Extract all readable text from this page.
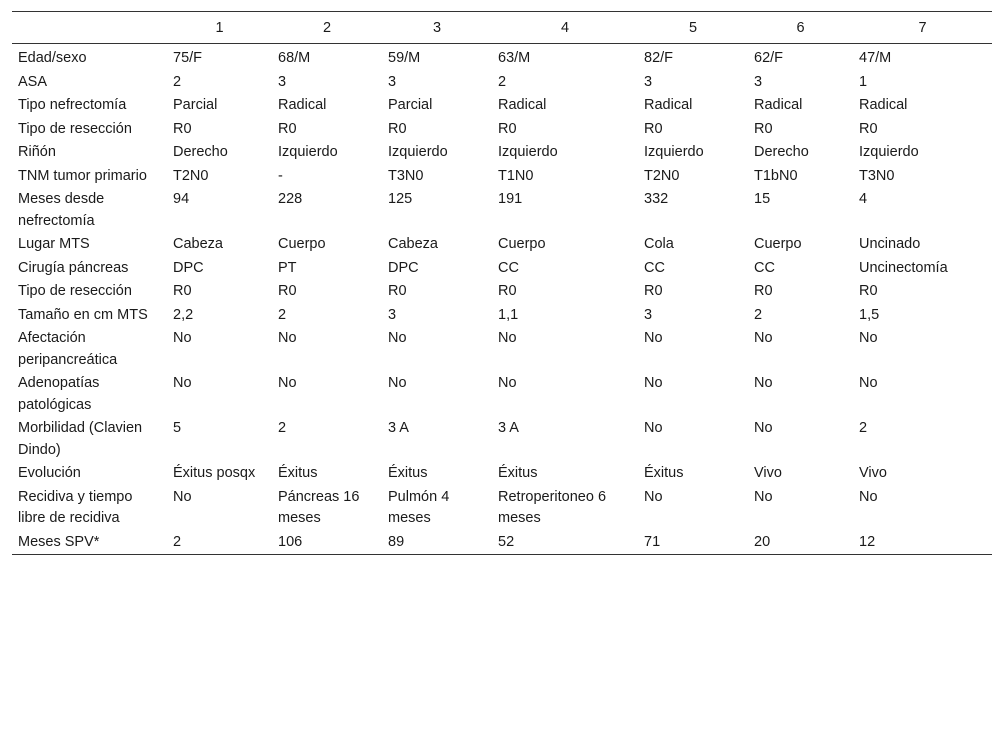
	1	2	3	4	5	6	7
Edad/sexo	75/F	68/M	59/M	63/M	82/F	62/F	47/M
ASA	2	3	3	2	3	3	1
Tipo nefrectomía	Parcial	Radical	Parcial	Radical	Radical	Radical	Radical
Tipo de resección	R0	R0	R0	R0	R0	R0	R0
Riñón	Derecho	Izquierdo	Izquierdo	Izquierdo	Izquierdo	Derecho	Izquierdo
TNM tumor primario	T2N0	-	T3N0	T1N0	T2N0	T1bN0	T3N0
Meses desde nefrectomía	94	228	125	191	332	15	4
Lugar MTS	Cabeza	Cuerpo	Cabeza	Cuerpo	Cola	Cuerpo	Uncinado
Cirugía páncreas	DPC	PT	DPC	CC	CC	CC	Uncinectomía
Tipo de resección	R0	R0	R0	R0	R0	R0	R0
Tamaño en cm MTS	2,2	2	3	1,1	3	2	1,5
Afectación peripancreática	No	No	No	No	No	No	No
Adenopatías patológicas	No	No	No	No	No	No	No
Morbilidad (Clavien Dindo)	5	2	3 A	3 A	No	No	2
Evolución	Éxitus posqx	Éxitus	Éxitus	Éxitus	Éxitus	Vivo	Vivo
Recidiva y tiempo libre de recidiva	No	Páncreas 16 meses	Pulmón 4 meses	Retroperitoneo 6 meses	No	No	No
Meses SPV*	2	106	89	52	71	20	12
